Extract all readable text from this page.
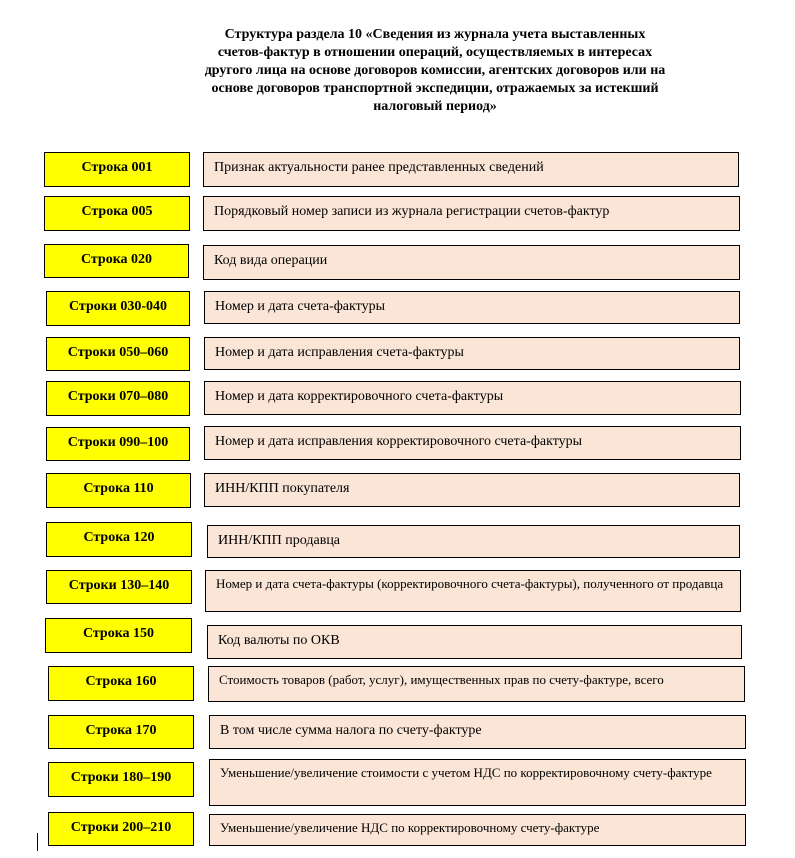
Структура раздела 10 «Сведения из журнала учета выставленных
счетов-фактур в отношении операций, осуществляемых в интересах
другого лица на основе договоров комиссии, агентских договоров или на
основе договоров транспортной экспедиции, отражаемых за истекший
налоговый период»
Строка 001	Признак актуальности ранее представленных сведений
Строка 005	Порядковый номер записи из журнала регистрации счетов-фактур
Строка 020	Код вида операции
Строки 030-040	Номер и дата счета-фактуры
Строки 050–060	Номер и дата исправления счета-фактуры
Строки 070–080	Номер и дата корректировочного счета-фактуры
Строки 090–100	Номер и дата исправления корректировочного счета-фактуры
Строка 110	ИНН/КПП покупателя
Строка 120	ИНН/КПП продавца
Строки 130–140	Номер и дата счета-фактуры (корректировочного счета-фактуры), полученного от продавца
Строка 150	Код валюты по ОКВ
Строка 160	Стоимость товаров (работ, услуг), имущественных прав по счету-фактуре, всего
Строка 170	В том числе сумма налога по счету-фактуре
Строки 180–190	Уменьшение/увеличение стоимости с учетом НДС по корректировочному счету-фактуре
Строки 200–210	Уменьшение/увеличение НДС по корректировочному счету-фактуре
